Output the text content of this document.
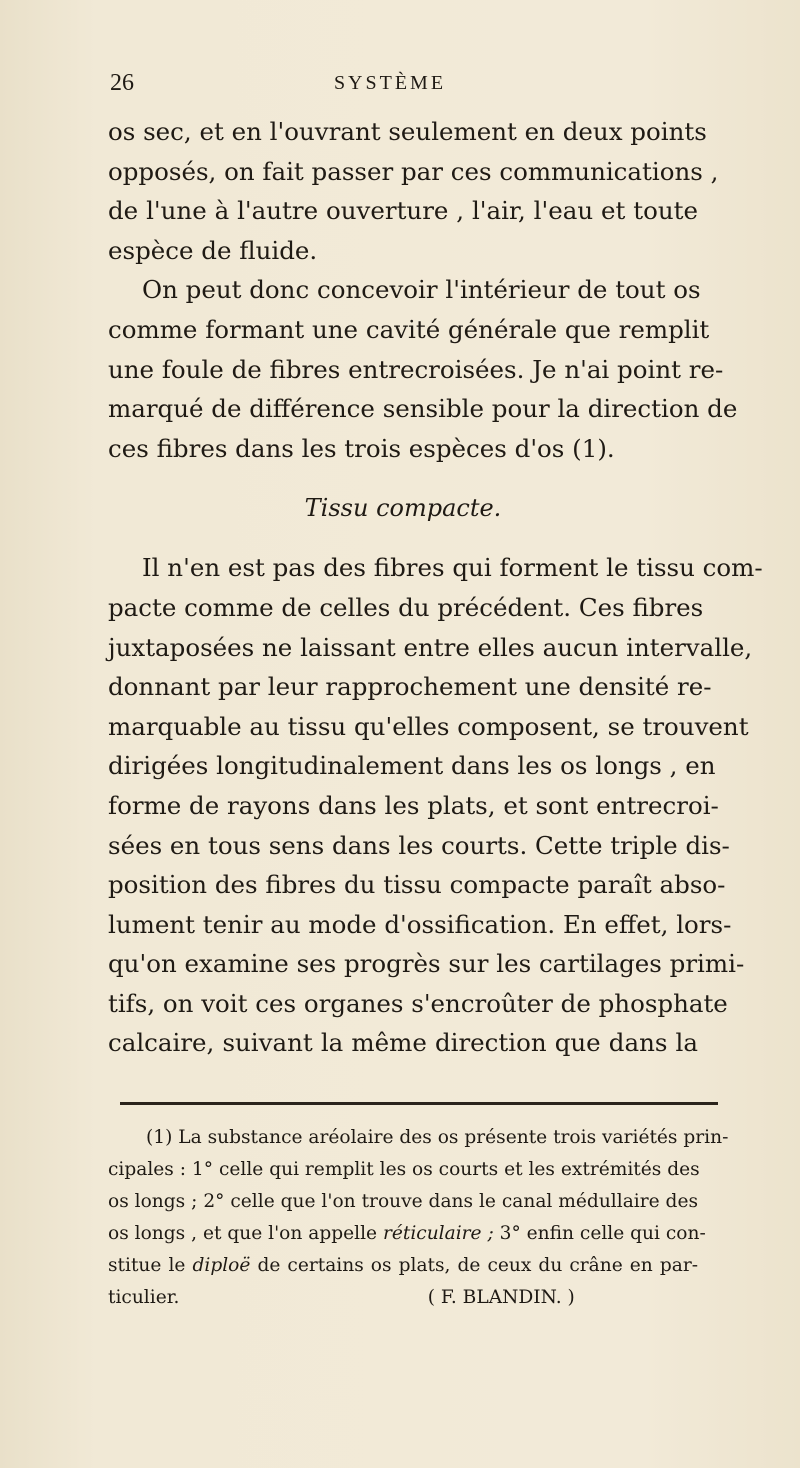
26	SYSTÈME
os sec, et en l'ouvrant seulement en deux points
opposés, on fait passer par ces communications ,
de l'une à l'autre ouverture , l'air, l'eau et toute
espèce de fluide.
On peut donc concevoir l'intérieur de tout os
comme formant une cavité générale que remplit
une foule de fibres entrecroisées. Je n'ai point re-
marqué de différence sensible pour la direction de
ces fibres dans les trois espèces d'os (1).
Tissu compacte.
Il n'en est pas des fibres qui forment le tissu com-
pacte comme de celles du précédent. Ces fibres
juxtaposées ne laissant entre elles aucun intervalle,
donnant par leur rapprochement une densité re-
marquable au tissu qu'elles composent, se trouvent
dirigées longitudinalement dans les os longs , en
forme de rayons dans les plats, et sont entrecroi-
sées en tous sens dans les courts. Cette triple dis-
position des fibres du tissu compacte paraît abso-
lument tenir au mode d'ossification. En effet, lors-
qu'on examine ses progrès sur les cartilages primi-
tifs, on voit ces organes s'encroûter de phosphate
calcaire, suivant la même direction que dans la
(1) La substance aréolaire des os présente trois variétés prin-
cipales : 1° celle qui remplit les os courts et les extrémités des
os longs ; 2° celle que l'on trouve dans le canal médullaire des
os longs , et que l'on appelle réticulaire ; 3° enfin celle qui con-
stitue le diploë de certains os plats, de ceux du crâne en par-
ticulier.                                          ( F. BLANDIN. )
